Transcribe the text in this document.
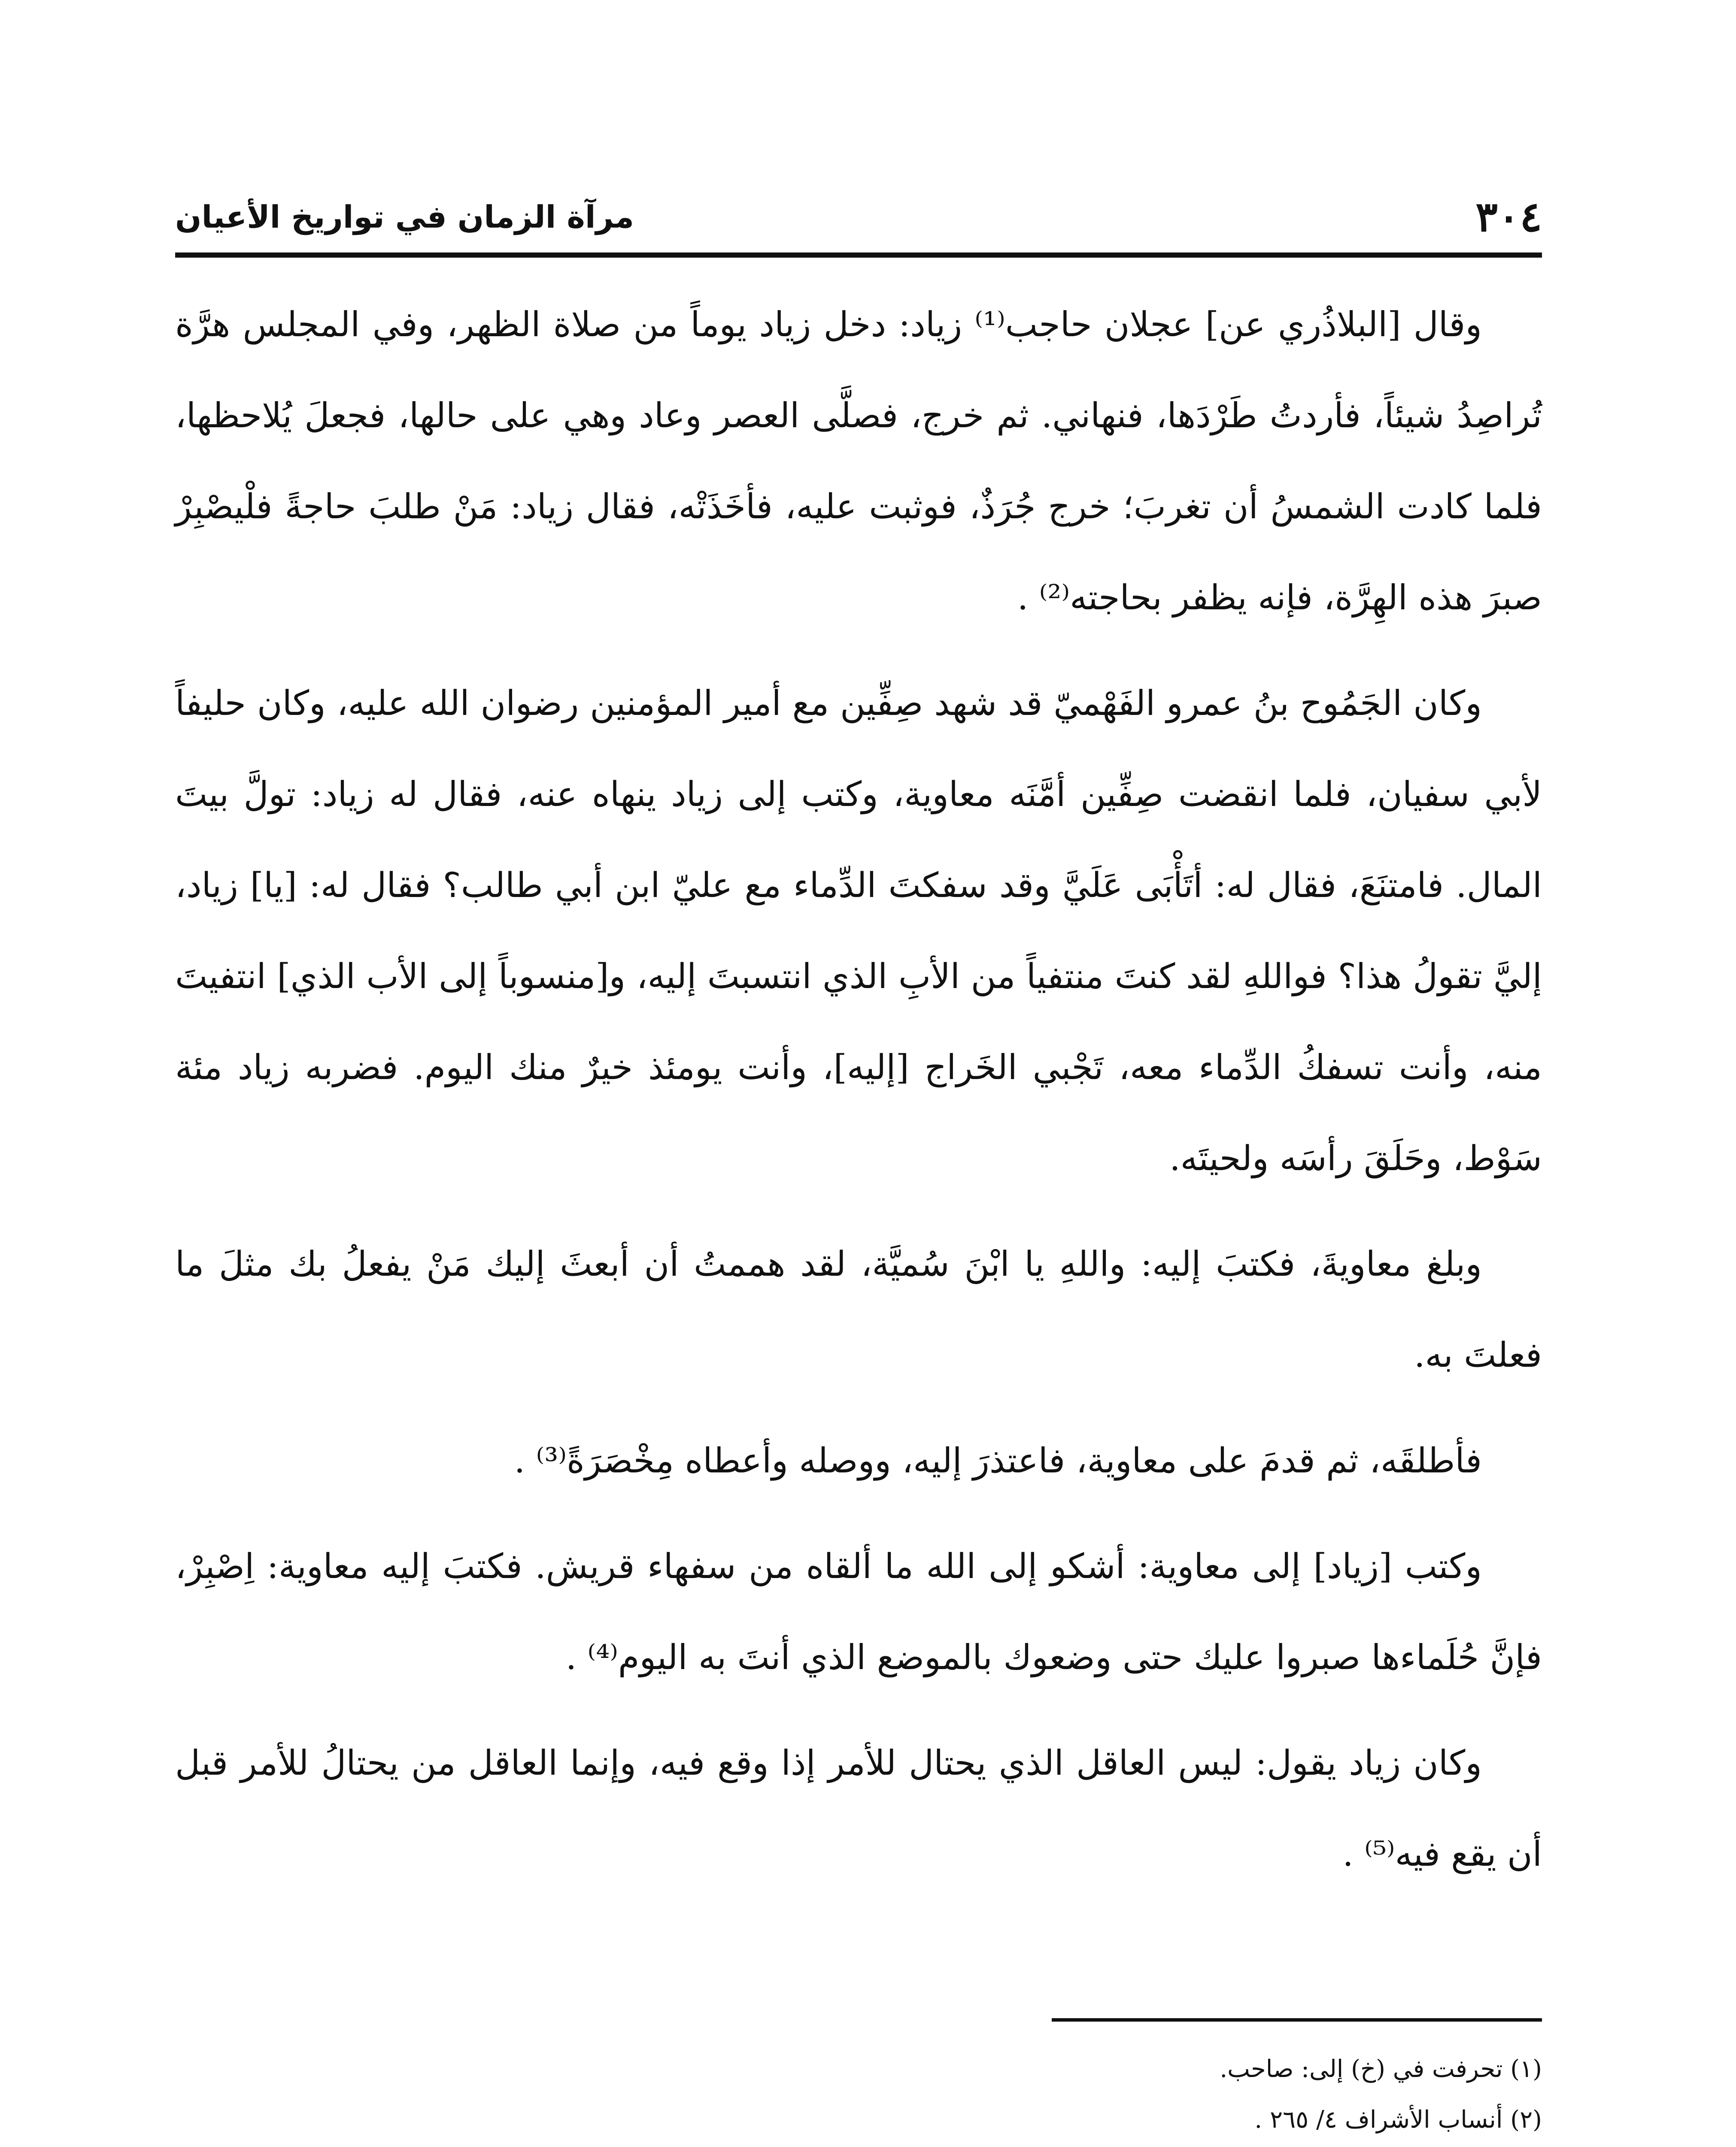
٣٠٤
مرآة الزمان في تواريخ الأعيان

وقال [البلاذُري عن] عجلان حاجب⁽¹⁾ زياد: دخل زياد يوماً من صلاة الظهر، وفي المجلس هرَّة تُراصِدُ شيئاً، فأردتُ طَرْدَها، فنهاني. ثم خرج، فصلَّى العصر وعاد وهي على حالها، فجعلَ يُلاحظها، فلما كادت الشمسُ أن تغربَ؛ خرج جُرَذٌ، فوثبت عليه، فأخَذَتْه، فقال زياد: مَنْ طلبَ حاجةً فلْيصْبِرْ صبرَ هذه الهِرَّة، فإنه يظفر بحاجته⁽²⁾ .

وكان الجَمُوح بنُ عمرو الفَهْميّ قد شهد صِفِّين مع أمير المؤمنين رضوان الله عليه، وكان حليفاً لأبي سفيان، فلما انقضت صِفِّين أمَّنَه معاوية، وكتب إلى زياد ينهاه عنه، فقال له زياد: تولَّ بيتَ المال. فامتنَعَ، فقال له: أتَأْبَى عَلَيَّ وقد سفكتَ الدِّماء مع عليّ ابن أبي طالب؟ فقال له: [يا] زياد، إليَّ تقولُ هذا؟ فواللهِ لقد كنتَ منتفياً من الأبِ الذي انتسبتَ إليه، و[منسوباً إلى الأب الذي] انتفيتَ منه، وأنت تسفكُ الدِّماء معه، تَجْبي الخَراج [إليه]، وأنت يومئذ خيرٌ منك اليوم. فضربه زياد مئة سَوْط، وحَلَقَ رأسَه ولحيتَه.

وبلغ معاويةَ، فكتبَ إليه: واللهِ يا ابْنَ سُميَّة، لقد هممتُ أن أبعثَ إليك مَنْ يفعلُ بك مثلَ ما فعلتَ به.

فأطلقَه، ثم قدمَ على معاوية، فاعتذرَ إليه، ووصله وأعطاه مِخْصَرَةً⁽³⁾ .

وكتب [زياد] إلى معاوية: أشكو إلى الله ما ألقاه من سفهاء قريش. فكتبَ إليه معاوية: اِصْبِرْ، فإنَّ حُلَماءها صبروا عليك حتى وضعوك بالموضع الذي أنتَ به اليوم⁽⁴⁾ .

وكان زياد يقول: ليس العاقل الذي يحتال للأمر إذا وقع فيه، وإنما العاقل من يحتالُ للأمر قبل أن يقع فيه⁽⁵⁾ .

(١) تحرفت في (خ) إلى: صاحب.

(٢) أنساب الأشراف ٤/ ٢٦٥ .
